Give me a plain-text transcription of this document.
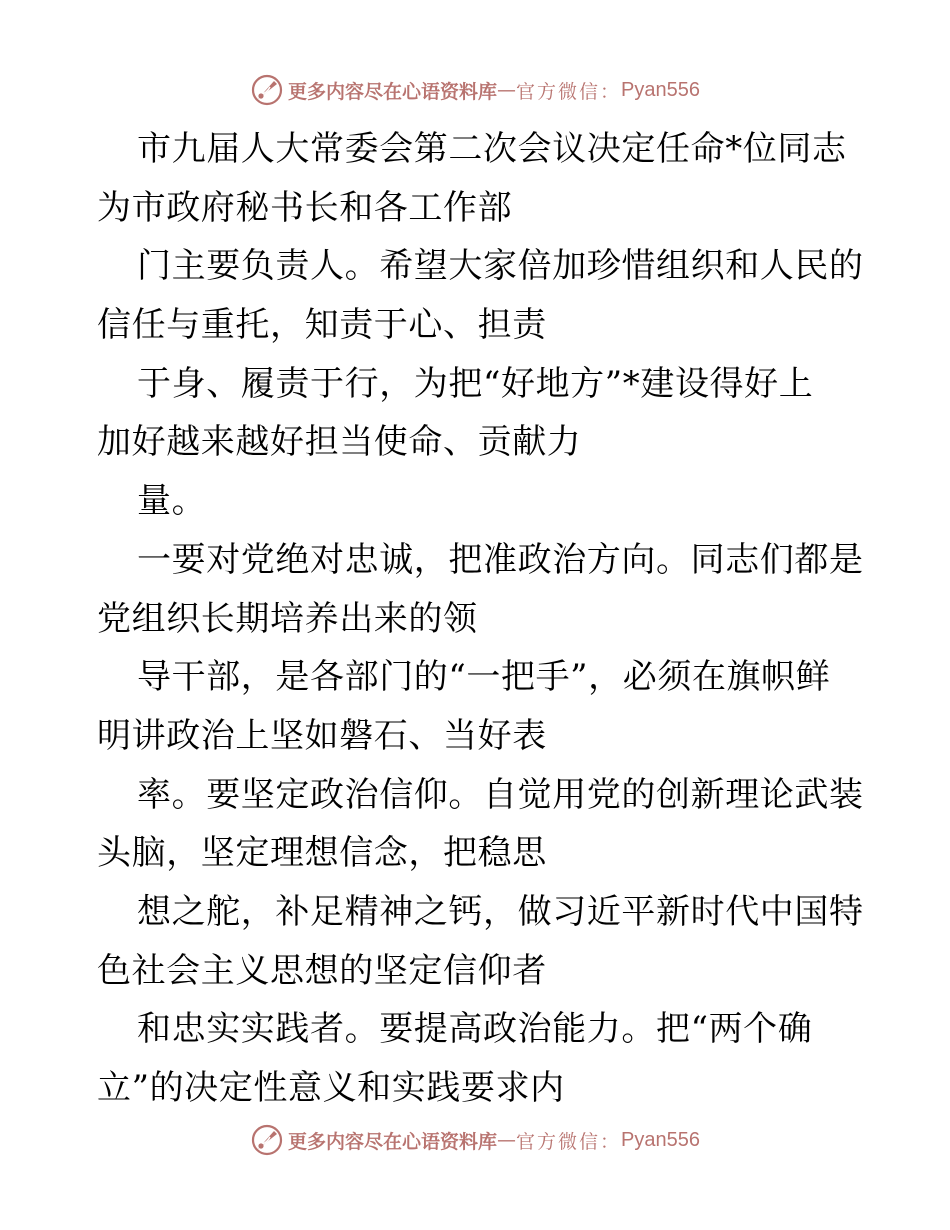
更多内容尽在心语资料库 — 官方微信： Pyan556
市九届人大常委会第二次会议决定任命*位同志
为市政府秘书长和各工作部
门主要负责人。希望大家倍加珍惜组织和人民的
信任与重托，知责于心、担责
于身、履责于行，为把“好地方”*建设得好上
加好越来越好担当使命、贡献力
量。
一要对党绝对忠诚，把准政治方向。同志们都是
党组织长期培养出来的领
导干部，是各部门的“一把手”，必须在旗帜鲜
明讲政治上坚如磐石、当好表
率。要坚定政治信仰。自觉用党的创新理论武装
头脑，坚定理想信念，把稳思
想之舵，补足精神之钙，做习近平新时代中国特
色社会主义思想的坚定信仰者
和忠实实践者。要提高政治能力。把“两个确
立”的决定性意义和实践要求内
更多内容尽在心语资料库 — 官方微信： Pyan556
